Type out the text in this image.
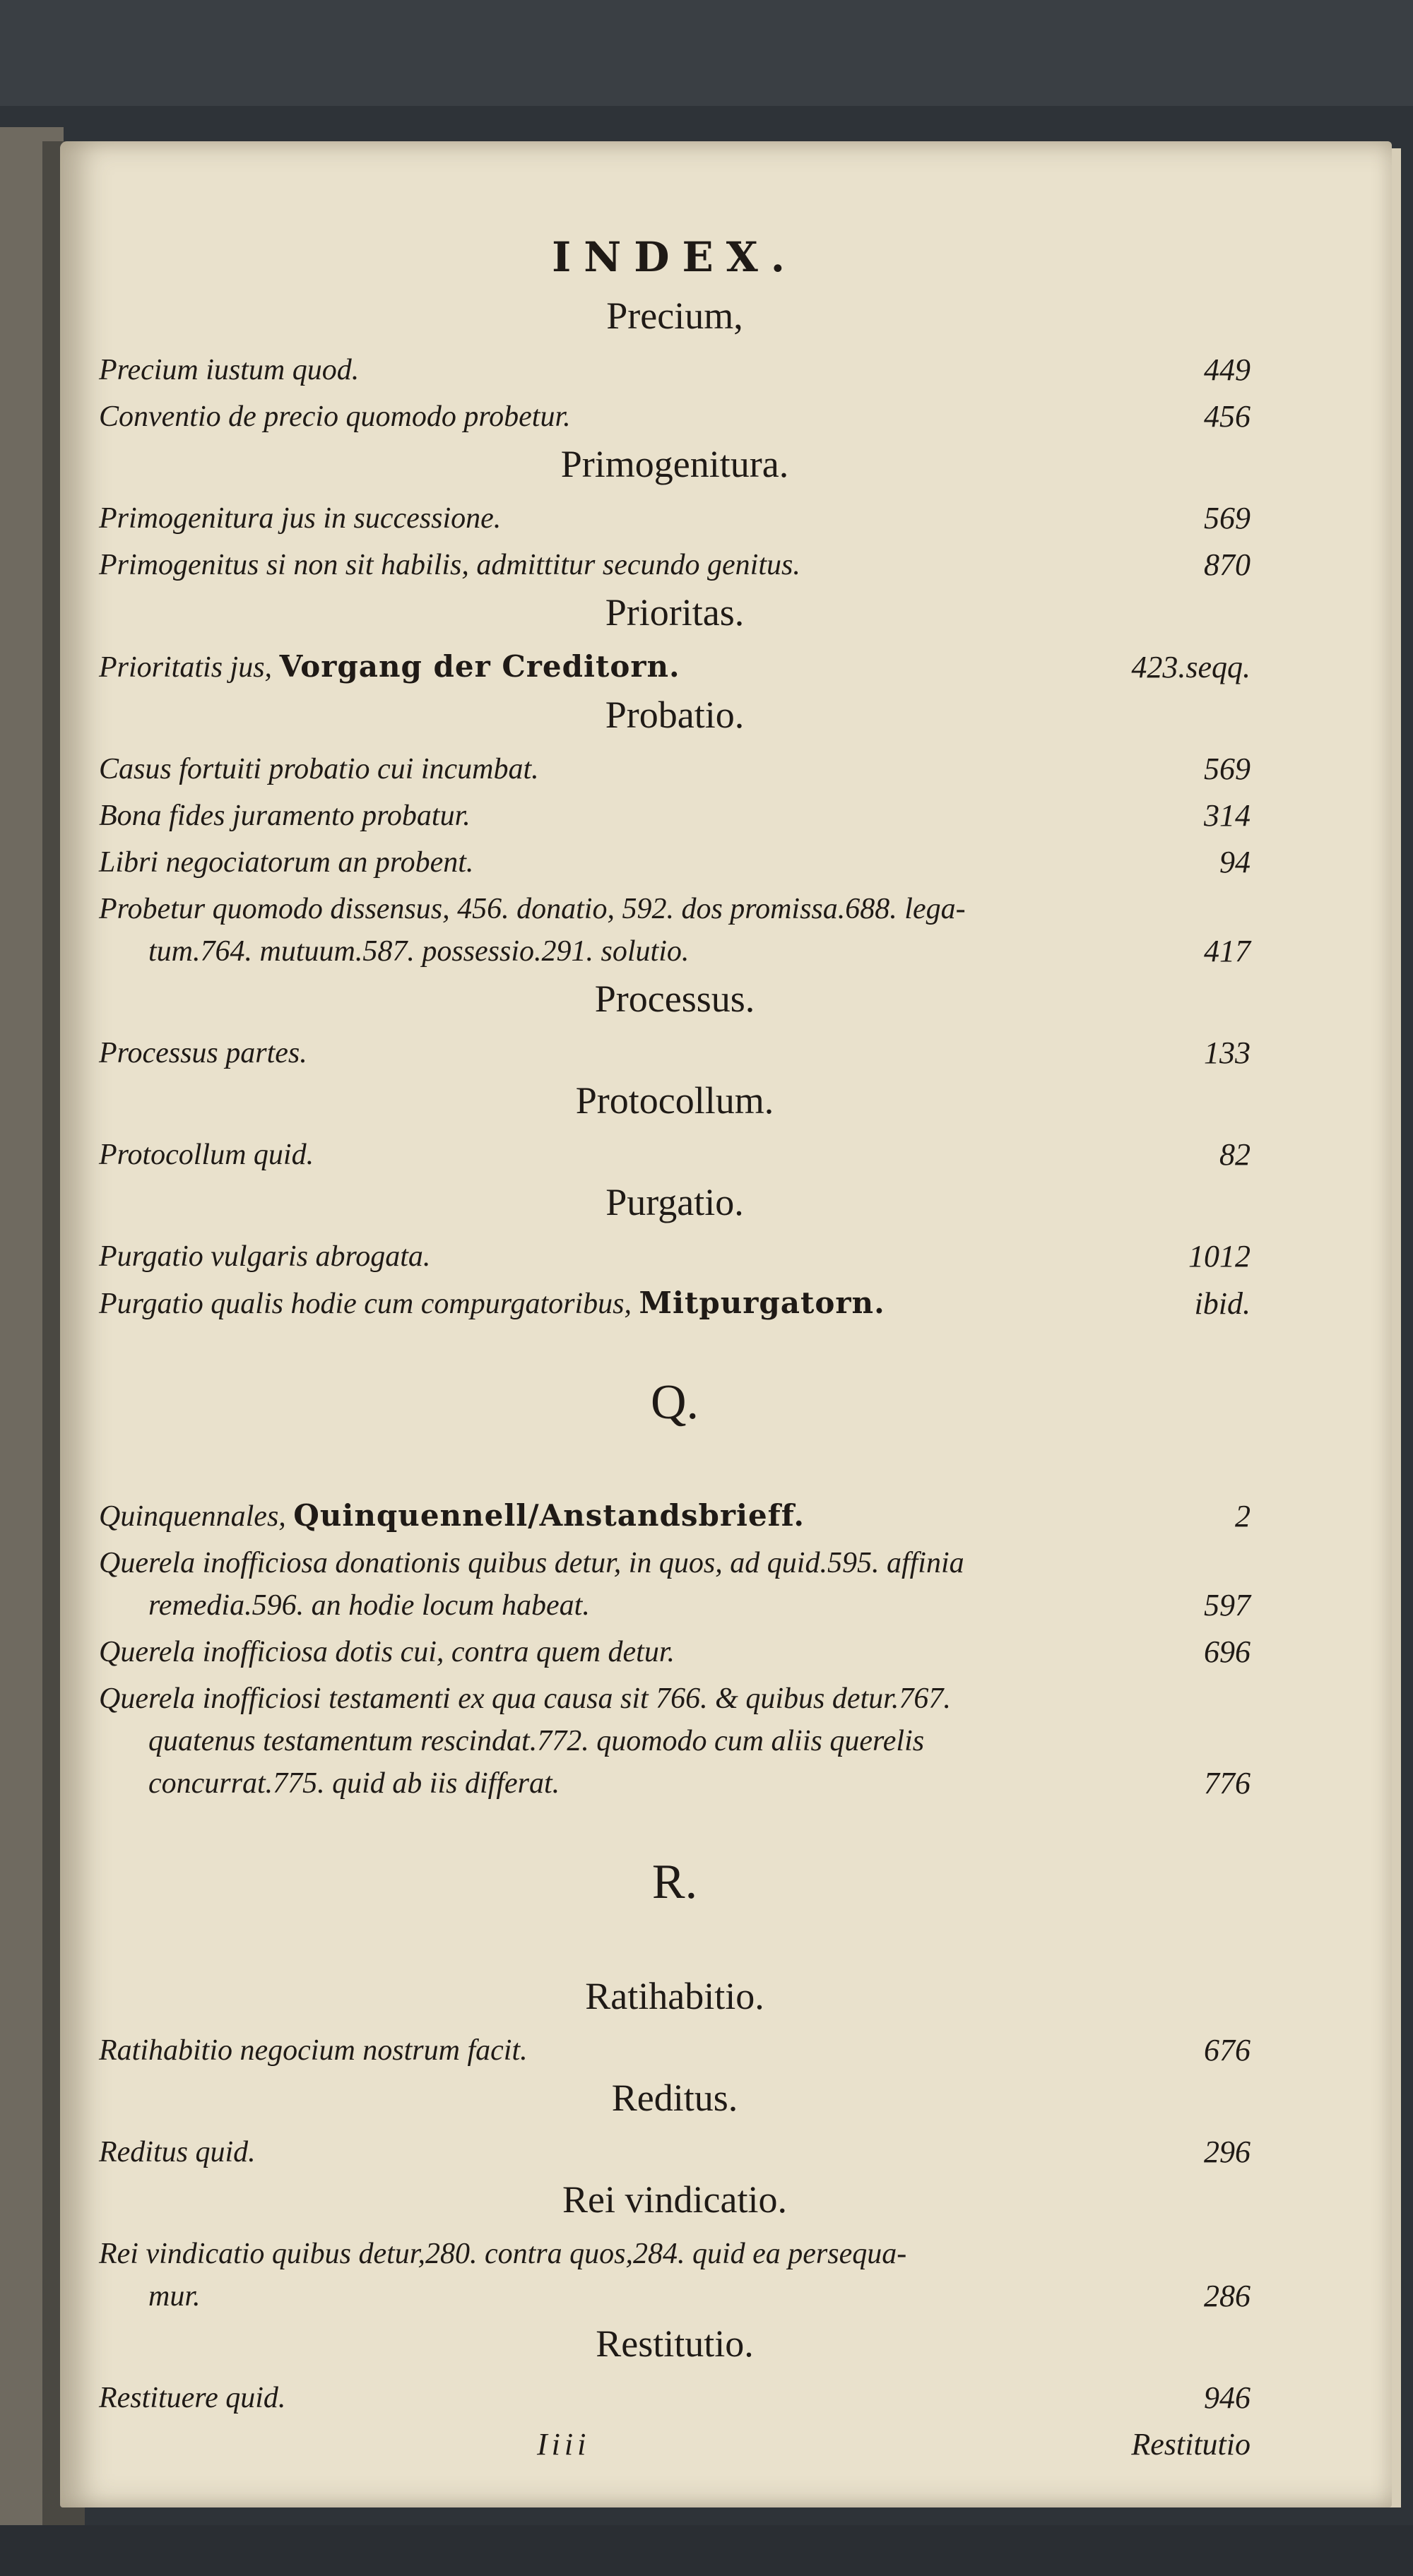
INDEX.
Precium,
Precium iustum quod.	449
Conventio de precio quomodo probetur.	456
Primogenitura.
Primogenitura jus in successione.	569
Primogenitus si non sit habilis, admittitur secundo genitus.	870
Prioritas.
Prioritatis jus, Vorgang der Creditorn.	423.seqq.
Probatio.
Casus fortuiti probatio cui incumbat.	569
Bona fides juramento probatur.	314
Libri negociatorum an probent.	94
Probetur quomodo dissensus, 456. donatio, 592. dos promissa.688. lega-
tum.764. mutuum.587. possessio.291. solutio.	417
Processus.
Processus partes.	133
Protocollum.
Protocollum quid.	82
Purgatio.
Purgatio vulgaris abrogata.	1012
Purgatio qualis hodie cum compurgatoribus, Mitpurgatorn.	ibid.
Q.
Quinquennales, Quinquennell/Anstandsbrieff.	2
Querela inofficiosa donationis quibus detur, in quos, ad quid.595. affinia
remedia.596. an hodie locum habeat.	597
Querela inofficiosa dotis cui, contra quem detur.	696
Querela inofficiosi testamenti ex qua causa sit 766. & quibus detur.767.
quatenus testamentum rescindat.772. quomodo cum aliis querelis
concurrat.775. quid ab iis differat.	776
R.
Ratihabitio.
Ratihabitio negocium nostrum facit.	676
Reditus.
Reditus quid.	296
Rei vindicatio.
Rei vindicatio quibus detur,280. contra quos,284. quid ea persequa-
mur.	286
Restitutio.
Restituere quid.	946
Iiii	Restitutio
